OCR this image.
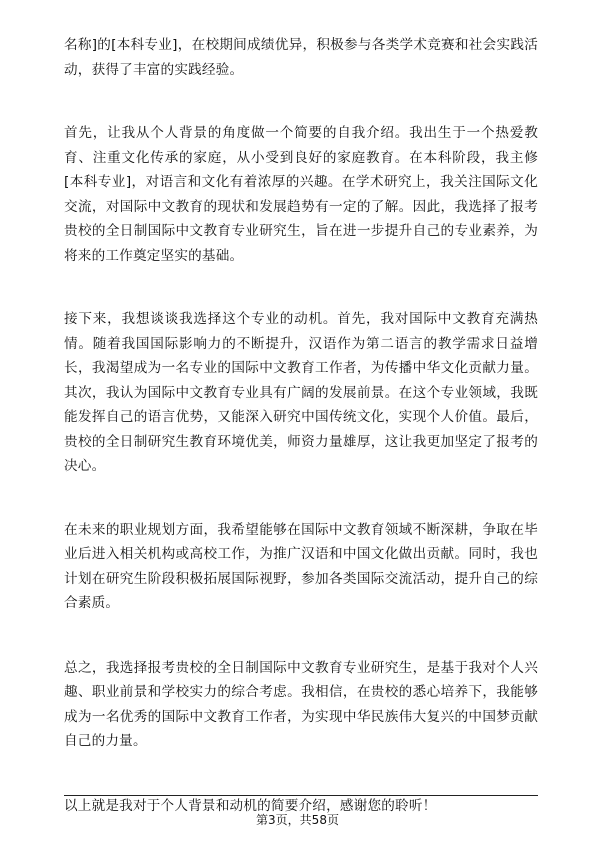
名称]的[本科专业]，在校期间成绩优异，积极参与各类学术竞赛和社会实践活动，获得了丰富的实践经验。

首先，让我从个人背景的角度做一个简要的自我介绍。我出生于一个热爱教育、注重文化传承的家庭，从小受到良好的家庭教育。在本科阶段，我主修[本科专业]，对语言和文化有着浓厚的兴趣。在学术研究上，我关注国际文化交流，对国际中文教育的现状和发展趋势有一定的了解。因此，我选择了报考贵校的全日制国际中文教育专业研究生，旨在进一步提升自己的专业素养，为将来的工作奠定坚实的基础。

接下来，我想谈谈我选择这个专业的动机。首先，我对国际中文教育充满热情。随着我国国际影响力的不断提升，汉语作为第二语言的教学需求日益增长，我渴望成为一名专业的国际中文教育工作者，为传播中华文化贡献力量。其次，我认为国际中文教育专业具有广阔的发展前景。在这个专业领域，我既能发挥自己的语言优势，又能深入研究中国传统文化，实现个人价值。最后，贵校的全日制研究生教育环境优美，师资力量雄厚，这让我更加坚定了报考的决心。

在未来的职业规划方面，我希望能够在国际中文教育领域不断深耕，争取在毕业后进入相关机构或高校工作，为推广汉语和中国文化做出贡献。同时，我也计划在研究生阶段积极拓展国际视野，参加各类国际交流活动，提升自己的综合素质。

总之，我选择报考贵校的全日制国际中文教育专业研究生，是基于我对个人兴趣、职业前景和学校实力的综合考虑。我相信，在贵校的悉心培养下，我能够成为一名优秀的国际中文教育工作者，为实现中华民族伟大复兴的中国梦贡献自己的力量。

以上就是我对于个人背景和动机的简要介绍，感谢您的聆听！

第3页，共58页
